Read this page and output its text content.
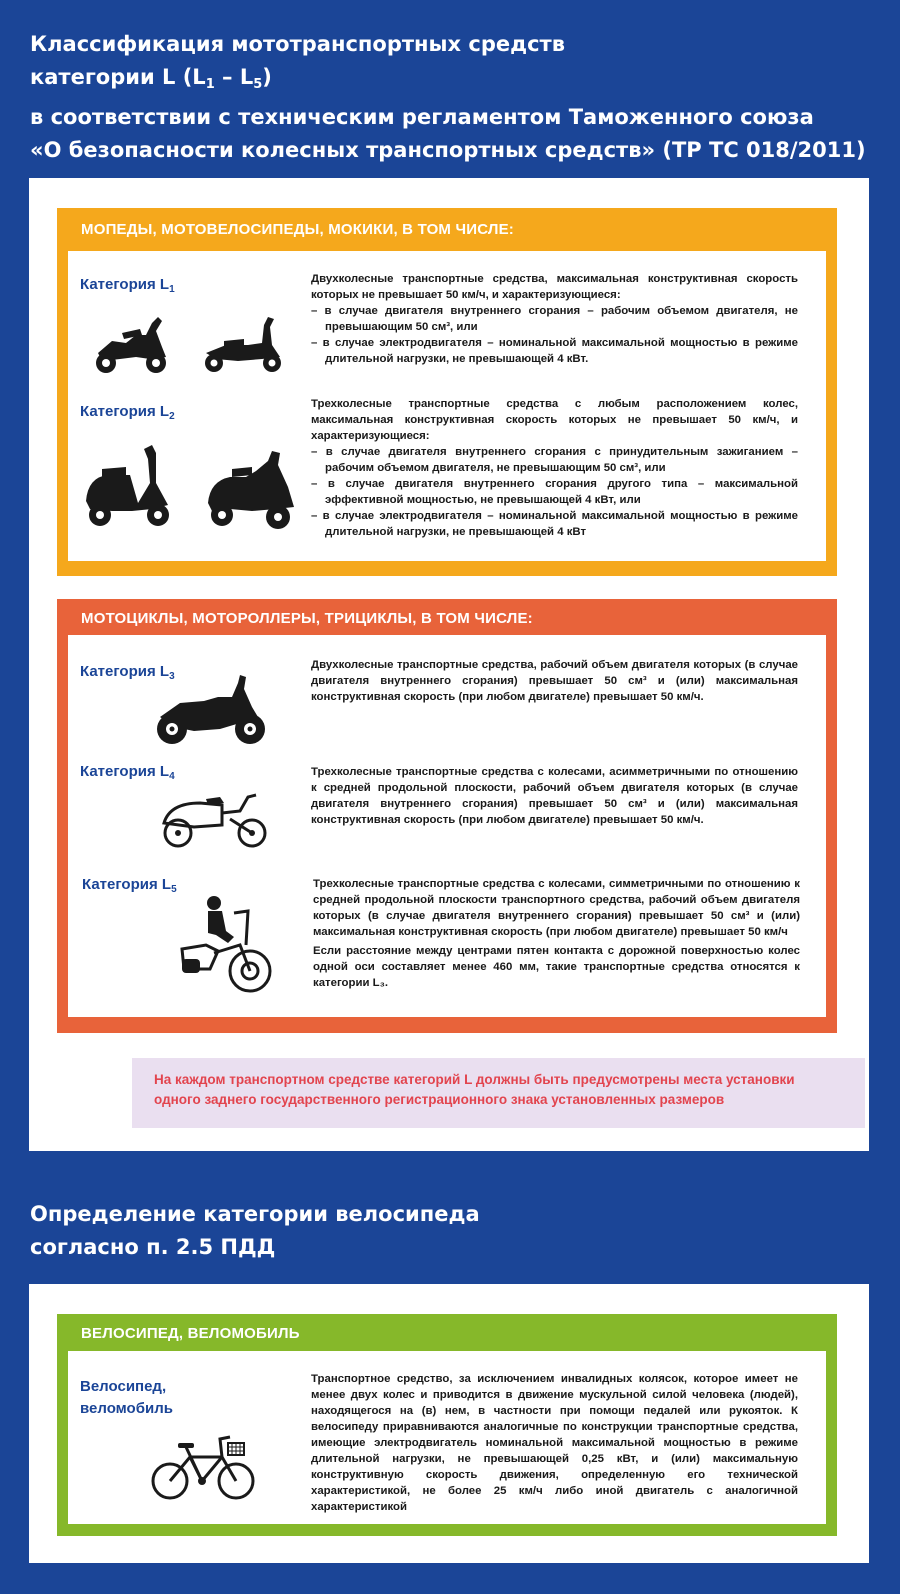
Классификация мототранспортных средств
категории L $(L_1 - L_5)$
в соответствии с техническим регламентом Таможенного союза
«О безопасности колесных транспортных средств» (ТР ТС 018/2011)
МОПЕДЫ, МОТОВЕЛОСИПЕДЫ, МОКИКИ, В ТОМ ЧИСЛЕ:
Категория $L_1$

Двухколесные транспортные средства, максимальная конструктивная скорость которых не превышает 50 км/ч, и характеризующиеся:

– в случае двигателя внутреннего сгорания – рабочим объемом двигателя, не превышающим 50 см³, или

– в случае электродвигателя – номинальной максимальной мощностью в режиме длительной нагрузки, не превышающей 4 кВт.

Категория $L_2$

Трехколесные транспортные средства с любым расположением колес, максимальная конструктивная скорость которых не превышает 50 км/ч, и характеризующиеся:

– в случае двигателя внутреннего сгорания с принудительным зажиганием – рабочим объемом двигателя, не превышающим 50 см³, или

– в случае двигателя внутреннего сгорания другого типа – максимальной эффективной мощностью, не превышающей 4 кВт, или

– в случае электродвигателя – номинальной максимальной мощностью в режиме длительной нагрузки, не превышающей 4 кВт

МОТОЦИКЛЫ, МОТОРОЛЛЕРЫ, ТРИЦИКЛЫ, В ТОМ ЧИСЛЕ:
Категория $L_3$
Двухколесные транспортные средства, рабочий объем двигателя которых (в случае двигателя внутреннего сгорания) превышает 50 см³ и (или) максимальная конструктивная скорость (при любом двигателе) превышает 50 км/ч.
Категория $L_4$	Трехколесные транспортные средства с колесами, асимметричными по отношению к средней продольной плоскости, рабочий объем двигателя которых (в случае двигателя внутреннего сгорания) превышает 50 см³ и (или) максимальная конструктивная скорость (при любом двигателе) превышает 50 км/ч.
Категория $L_5$	Трехколесные транспортные средства с колесами, симметричными по отношению к средней продольной плоскости транспортного средства, рабочий объем двигателя которых (в случае двигателя внутреннего сгорания) превышает 50 см³ и (или) максимальная конструктивная скорость (при любом двигателе) превышает 50 км/ч

Если расстояние между центрами пятен контакта с дорожной поверхностью колес одной оси составляет менее 460 мм, такие транспортные средства относятся к категории L₃.

На каждом транспортном средстве категорий L должны быть предусмотрены места установки одного заднего государственного регистрационного знака установленных размеров
Определение категории велосипеда
согласно п. 2.5 ПДД
ВЕЛОСИПЕД, ВЕЛОМОБИЛЬ
Велосипед,
веломобиль
Транспортное средство, за исключением инвалидных колясок, которое имеет не менее двух колес и приводится в движение мускульной силой человека (людей), находящегося на (в) нем, в частности при помощи педалей или рукояток. К велосипеду приравниваются аналогичные по конструкции транспортные средства, имеющие электродвигатель номинальной максимальной мощностью в режиме длительной нагрузки, не превышающей 0,25 кВт, и (или) максимальную конструктивную скорость движения, определенную его технической характеристикой, не более 25 км/ч либо иной двигатель с аналогичной характеристикой
